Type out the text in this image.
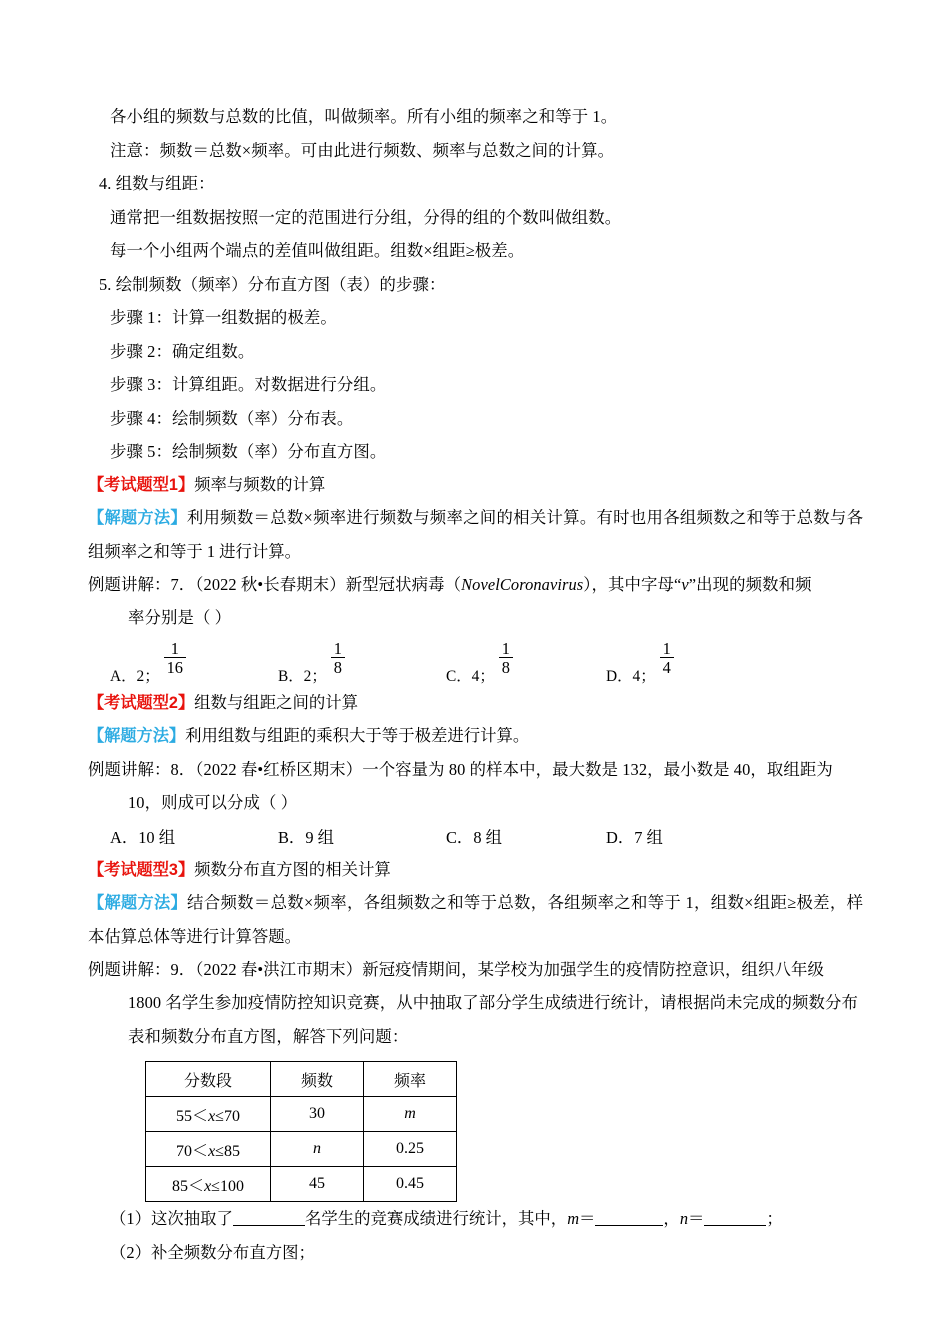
各小组的频数与总数的比值，叫做频率。所有小组的频率之和等于 1。
注意：频数＝总数×频率。可由此进行频数、频率与总数之间的计算。
4. 组数与组距：
通常把一组数据按照一定的范围进行分组，分得的组的个数叫做组数。
每一个小组两个端点的差值叫做组距。组数×组距≥极差。
5. 绘制频数（频率）分布直方图（表）的步骤：
步骤 1：计算一组数据的极差。
步骤 2：确定组数。
步骤 3：计算组距。对数据进行分组。
步骤 4：绘制频数（率）分布表。
步骤 5：绘制频数（率）分布直方图。
【考试题型1】频率与频数的计算
【解题方法】利用频数＝总数×频率进行频数与频率之间的相关计算。有时也用各组频数之和等于总数与各组频率之和等于 1 进行计算。
例题讲解：7．（2022 秋•长春期末）新型冠状病毒（NovelCoronavirus），其中字母“v”出现的频数和频
率分别是（ ）
A．2； $\frac{1}{16}$	B．2； $\frac{1}{8}$	C．4； $\frac{1}{8}$	D．4； $\frac{1}{4}$
【考试题型2】组数与组距之间的计算
【解题方法】利用组数与组距的乘积大于等于极差进行计算。
例题讲解：8．（2022 春•红桥区期末）一个容量为 80 的样本中，最大数是 132，最小数是 40，取组距为
10，则成可以分成（ ）
A．10 组	B．9 组	C．8 组	D．7 组
【考试题型3】频数分布直方图的相关计算
【解题方法】结合频数＝总数×频率，各组频数之和等于总数，各组频率之和等于 1，组数×组距≥极差，样本估算总体等进行计算答题。
例题讲解：9．（2022 春•洪江市期末）新冠疫情期间，某学校为加强学生的疫情防控意识，组织八年级
1800 名学生参加疫情防控知识竞赛，从中抽取了部分学生成绩进行统计，请根据尚未完成的频数分布
表和频数分布直方图，解答下列问题：
分数段	频数	频率
55＜x≤70	30	m
70＜x≤85	n	0.25
85＜x≤100	45	0.45
（1）这次抽取了	名学生的竞赛成绩进行统计，其中，m＝	，n＝	；
（2）补全频数分布直方图；
